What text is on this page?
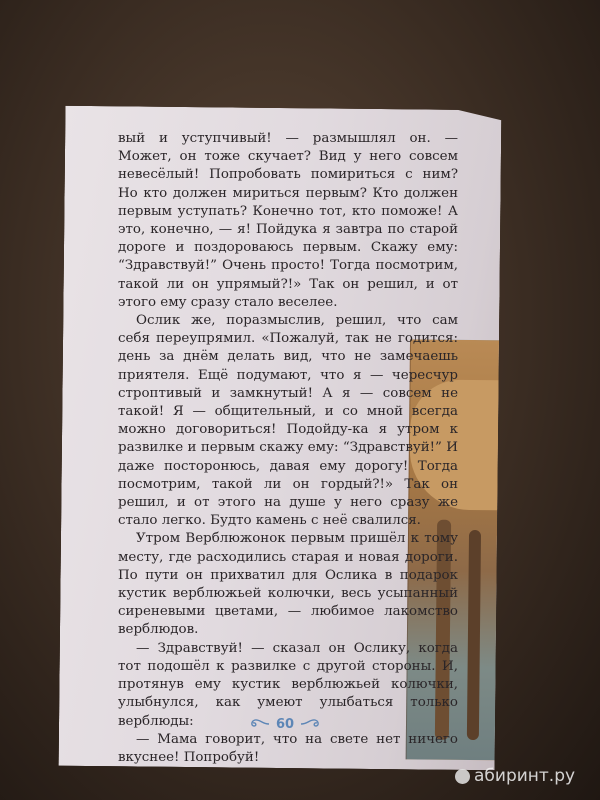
вый и уступчивый! — размышлял он. — Может, он тоже скучает? Вид у него совсем невесёлый! Попробовать помириться с ним? Но кто должен мириться первым? Кто должен первым уступать? Конечно тот, кто поможе! А это, конечно, — я! Пойдука я завтра по старой дороге и поздороваюсь первым. Скажу ему: “Здравствуй!” Очень просто! Тогда посмотрим, такой ли он упрямый?!» Так он решил, и от этого ему сразу стало веселее.

Ослик же, поразмыслив, решил, что сам себя переупрямил. «Пожалуй, так не годится: день за днём делать вид, что не замечаешь приятеля. Ещё подумают, что я — чересчур строптивый и замкнутый! А я — совсем не такой! Я — общительный, и со мной всегда можно договориться! Подойду-ка я утром к развилке и первым скажу ему: “Здравствуй!” И даже посторонюсь, давая ему дорогу! Тогда посмотрим, такой ли он гордый?!» Так он решил, и от этого на душе у него сразу же стало легко. Будто камень с неё свалился.

Утром Верблюжонок первым пришёл к тому месту, где расходились старая и новая дороги. По пути он прихватил для Ослика в подарок кустик верблюжьей колючки, весь усыпанный сиреневыми цветами, — любимое лакомство верблюдов.

— Здравствуй! — сказал он Ослику, когда тот подошёл к развилке с другой стороны. И, протянув ему кустик верблюжьей колючки, улыбнулся, как умеют улыбаться только верблюды:

— Мама говорит, что на свете нет ничего вкуснее! Попробуй!

60
абиринт.ру
